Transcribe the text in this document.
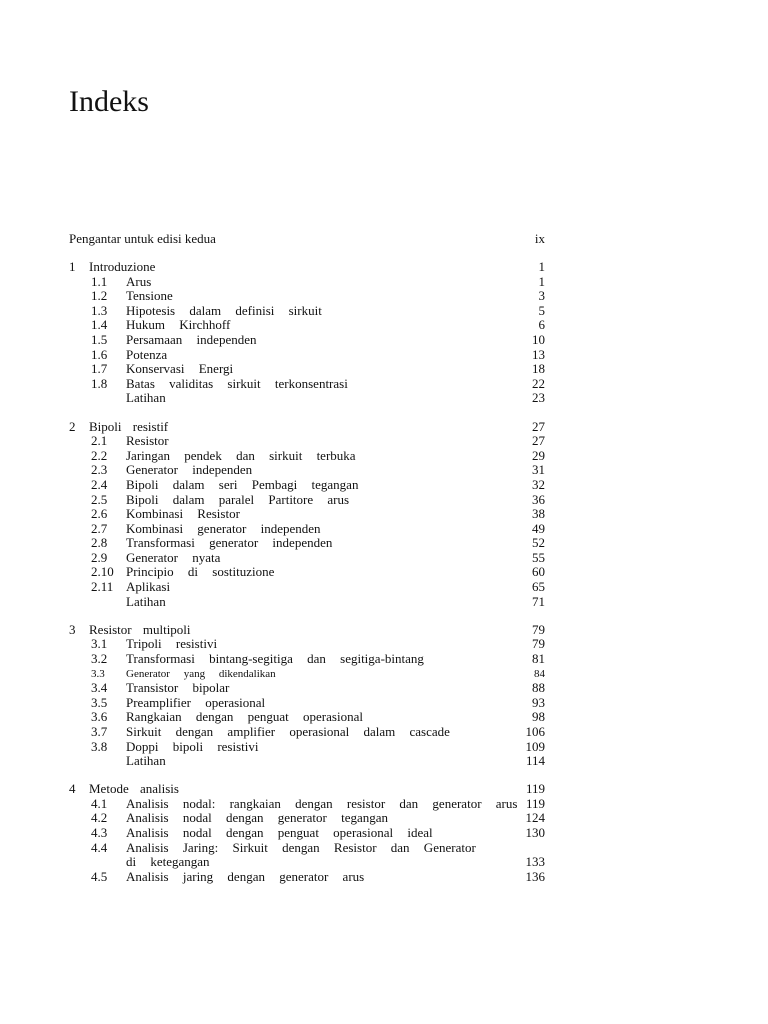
Indeks
Pengantar untuk edisi kedua	ix
1 Introduzione	1
1.1 Arus	1
1.2 Tensione	3
1.3 Hipotesis dalam definisi sirkuit	5
1.4 Hukum Kirchhoff	6
1.5 Persamaan independen	10
1.6 Potenza	13
1.7 Konservasi Energi	18
1.8 Batas validitas sirkuit terkonsentrasi	22
Latihan	23
2 Bipoli resistif	27
2.1 Resistor	27
2.2 Jaringan pendek dan sirkuit terbuka	29
2.3 Generator independen	31
2.4 Bipoli dalam seri Pembagi tegangan	32
2.5 Bipoli dalam paralel Partitore arus	36
2.6 Kombinasi Resistor	38
2.7 Kombinasi generator independen	49
2.8 Transformasi generator independen	52
2.9 Generator nyata	55
2.10 Principio di sostituzione	60
2.11 Aplikasi	65
Latihan	71
3 Resistor multipoli	79
3.1 Tripoli resistivi	79
3.2 Transformasi bintang-segitiga dan segitiga-bintang	81
3.3 Generator yang dikendalikan	84
3.4 Transistor bipolar	88
3.5 Preamplifier operasional	93
3.6 Rangkaian dengan penguat operasional	98
3.7 Sirkuit dengan amplifier operasional dalam cascade	106
3.8 Doppi bipoli resistivi	109
Latihan	114
4 Metode analisis	119
4.1 Analisis nodal: rangkaian dengan resistor dan generator arus 119
4.2 Analisis nodal dengan generator tegangan	124
4.3 Analisis nodal dengan penguat operasional ideal	130
4.4 Analisis Jaring: Sirkuit dengan Resistor dan Generator
di ketegangan	133
4.5 Analisis jaring dengan generator arus	136
